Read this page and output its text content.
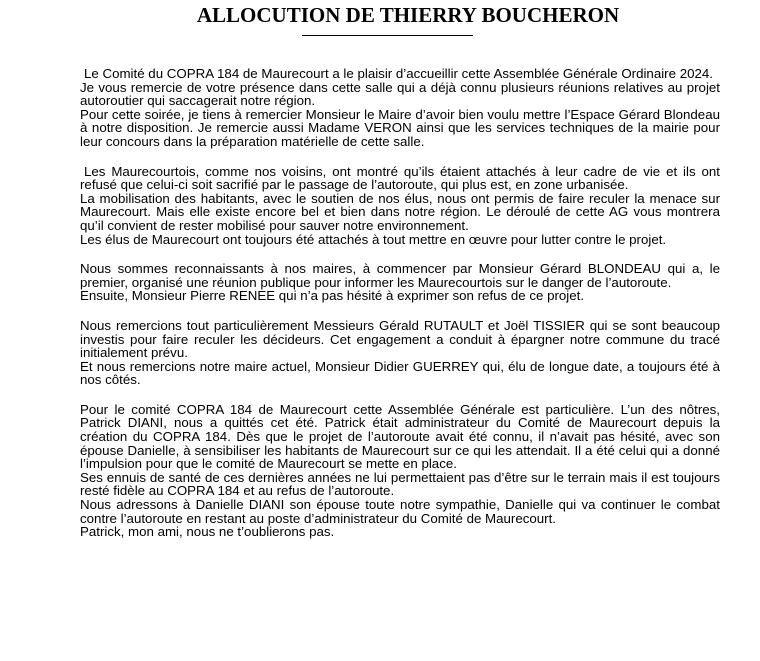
ALLOCUTION DE THIERRY BOUCHERON

Le Comité du COPRA 184 de Maurecourt a le plaisir d’accueillir cette Assemblée Générale Ordinaire 2024.

Je vous remercie de votre présence dans cette salle qui a déjà connu plusieurs réunions relatives au projet autoroutier qui saccagerait notre région.

Pour cette soirée, je tiens à remercier Monsieur le Maire d’avoir bien voulu mettre l’Espace Gérard Blondeau à notre disposition. Je remercie aussi Madame VERON ainsi que les services techniques de la mairie pour leur concours dans la préparation matérielle de cette salle.

Les Maurecourtois, comme nos voisins, ont montré qu’ils étaient attachés à leur cadre de vie et ils ont refusé que celui-ci soit sacrifié par le passage de l’autoroute, qui plus est, en zone urbanisée.

La mobilisation des habitants, avec le soutien de nos élus, nous ont permis de faire reculer la menace sur Maurecourt. Mais elle existe encore bel et bien dans notre région. Le déroulé de cette AG vous montrera qu’il convient de rester mobilisé pour sauver notre environnement.

Les élus de Maurecourt ont toujours été attachés à tout mettre en œuvre pour lutter contre le projet.

Nous sommes reconnaissants à nos maires, à commencer par Monsieur Gérard BLONDEAU qui a, le premier, organisé une réunion publique pour informer les Maurecourtois sur le danger de l’autoroute.

Ensuite, Monsieur Pierre RENEE qui n’a pas hésité à exprimer son refus de ce projet.

Nous remercions tout particulièrement Messieurs Gérald RUTAULT et Joël TISSIER qui se sont beaucoup investis pour faire reculer les décideurs. Cet engagement a conduit à épargner notre commune du tracé initialement prévu.

Et nous remercions notre maire actuel, Monsieur Didier GUERREY qui, élu de longue date, a toujours été à nos côtés.

Pour le comité COPRA 184 de Maurecourt cette Assemblée Générale est particulière. L’un des nôtres, Patrick DIANI, nous a quittés cet été. Patrick était administrateur du Comité de Maurecourt depuis la création du COPRA 184. Dès que le projet de l’autoroute avait été connu, il n’avait pas hésité, avec son épouse Danielle, à sensibiliser les habitants de Maurecourt sur ce qui les attendait. Il a été celui qui a donné l’impulsion pour que le comité de Maurecourt se mette en place.

Ses ennuis de santé de ces dernières années ne lui permettaient pas d’être sur le terrain mais il est toujours resté fidèle au COPRA 184 et au refus de l’autoroute.

Nous adressons à Danielle DIANI son épouse toute notre sympathie, Danielle qui va continuer le combat contre l’autoroute en restant au poste d’administrateur du Comité de Maurecourt.

Patrick, mon ami, nous ne t’oublierons pas.
